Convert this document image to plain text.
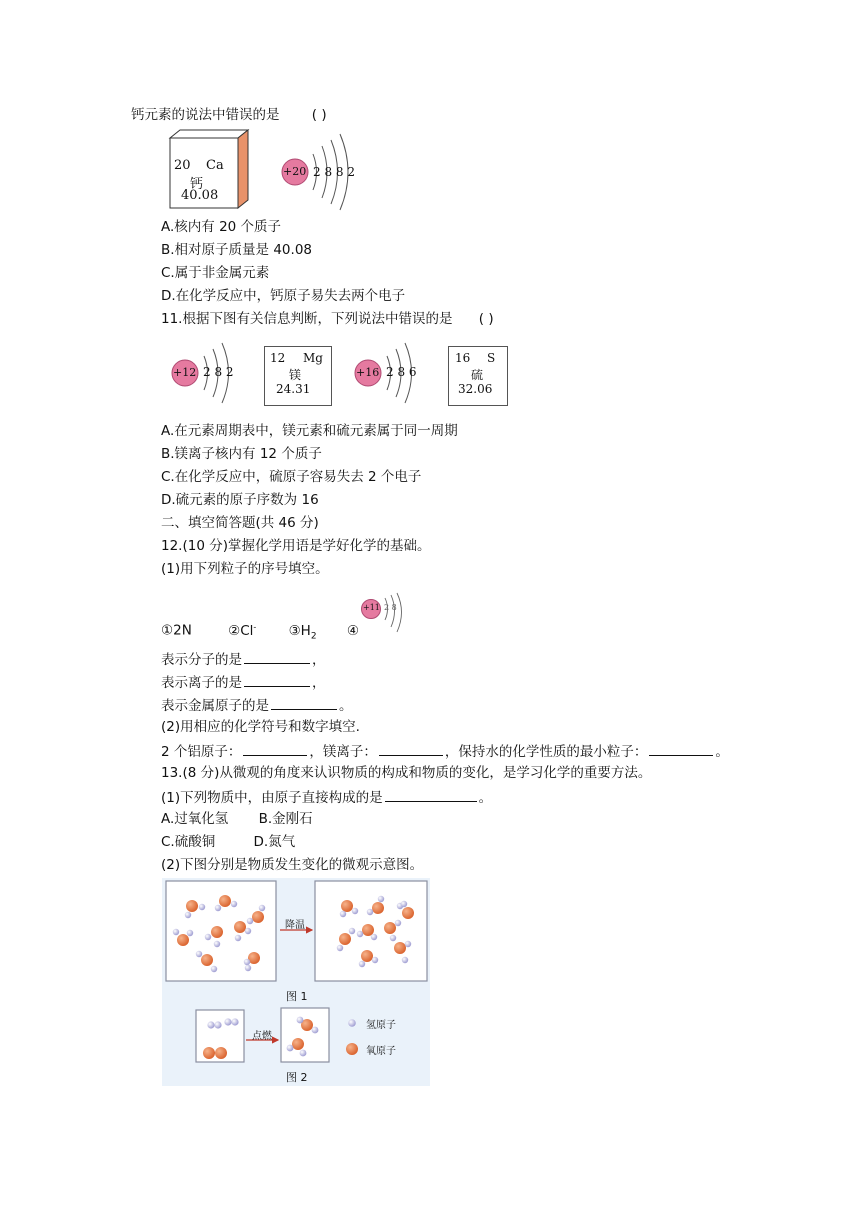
钙元素的说法中错误的是 ( )
20 Ca
钙
40.08
+20 2 8 8 2
A.核内有 20 个质子
B.相对原子质量是 40.08
C.属于非金属元素
D.在化学反应中，钙原子易失去两个电子
11.根据下图有关信息判断，下列说法中错误的是 ( )
+12 2 8 2
12 Mg
镁
24.31
+16 2 8 6
16 S
硫
32.06
A.在元素周期表中，镁元素和硫元素属于同一周期
B.镁离子核内有 12 个质子
C.在化学反应中，硫原子容易失去 2 个电子
D.硫元素的原子序数为 16
二、填空简答题(共 46 分)
12.(10 分)掌握化学用语是学好化学的基础。
(1)用下列粒子的序号填空。
①2N	②Cl- $③H_2$ ④
+11 2 8
表示分子的是	，
表示离子的是	，
表示金属原子的是	。
(2)用相应的化学符号和数字填空.
2 个铝原子：	，镁离子：	，保持水的化学性质的最小粒子：	。
13.(8 分)从微观的角度来认识物质的构成和物质的变化，是学习化学的重要方法。
(1)下列物质中，由原子直接构成的是	。
A.过氧化氢 B.金刚石
C.硫酸铜	D.氮气
(2)下图分别是物质发生变化的微观示意图。
降温
图 1
点燃
图 2
氢原子
氧原子
